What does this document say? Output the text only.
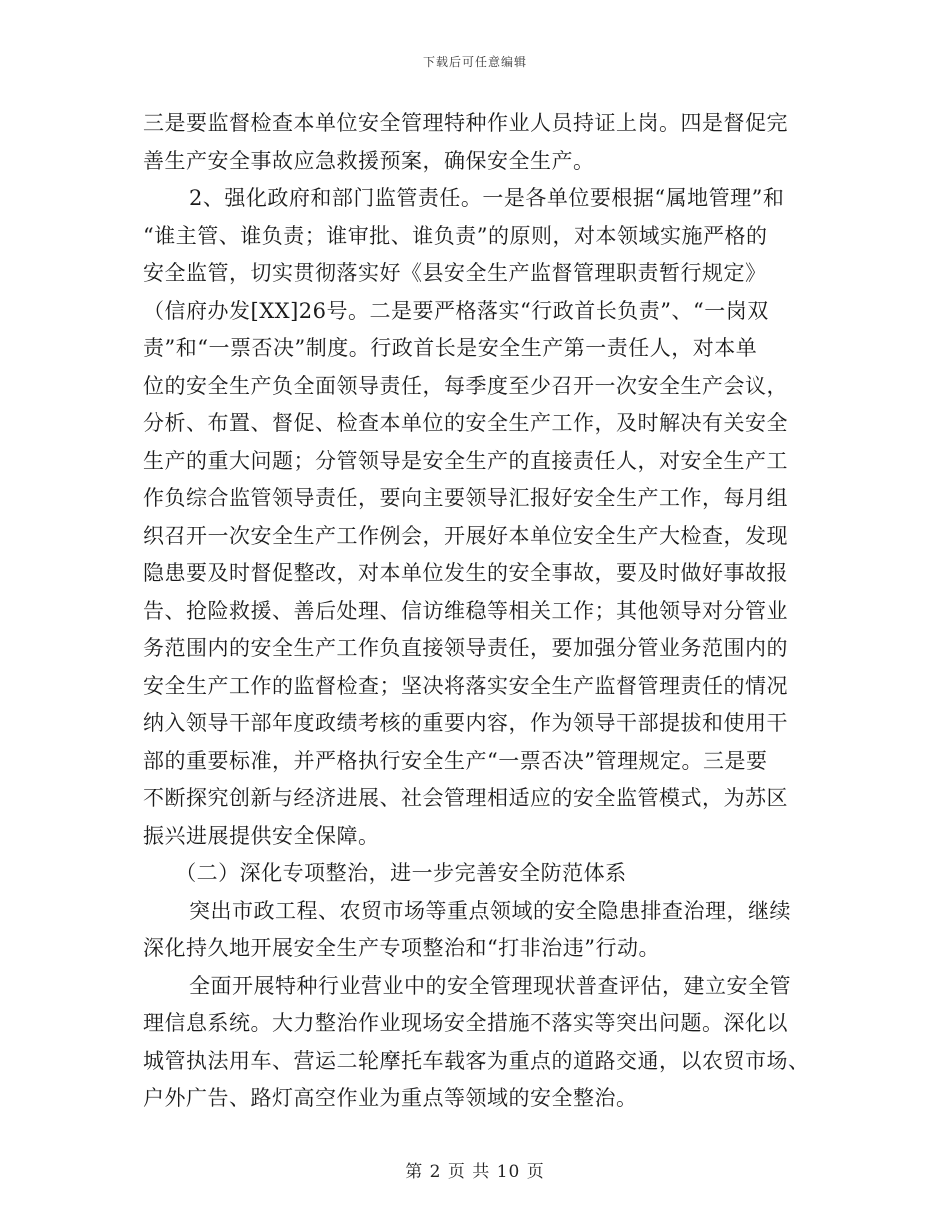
下载后可任意编辑
三是要监督检查本单位安全管理特种作业人员持证上岗。四是督促完
善生产安全事故应急救援预案，确保安全生产。
2、强化政府和部门监管责任。一是各单位要根据“属地管理”和
“谁主管、谁负责；谁审批、谁负责”的原则，对本领域实施严格的
安全监管，切实贯彻落实好《县安全生产监督管理职责暂行规定》
（信府办发[XX]26号。二是要严格落实“行政首长负责”、“一岗双
责”和“一票否决”制度。行政首长是安全生产第一责任人，对本单
位的安全生产负全面领导责任，每季度至少召开一次安全生产会议，
分析、布置、督促、检查本单位的安全生产工作，及时解决有关安全
生产的重大问题；分管领导是安全生产的直接责任人，对安全生产工
作负综合监管领导责任，要向主要领导汇报好安全生产工作，每月组
织召开一次安全生产工作例会，开展好本单位安全生产大检查，发现
隐患要及时督促整改，对本单位发生的安全事故，要及时做好事故报
告、抢险救援、善后处理、信访维稳等相关工作；其他领导对分管业
务范围内的安全生产工作负直接领导责任，要加强分管业务范围内的
安全生产工作的监督检查；坚决将落实安全生产监督管理责任的情况
纳入领导干部年度政绩考核的重要内容，作为领导干部提拔和使用干
部的重要标准，并严格执行安全生产“一票否决”管理规定。三是要
不断探究创新与经济进展、社会管理相适应的安全监管模式，为苏区
振兴进展提供安全保障。
（二）深化专项整治，进一步完善安全防范体系
突出市政工程、农贸市场等重点领域的安全隐患排查治理，继续
深化持久地开展安全生产专项整治和“打非治违”行动。
全面开展特种行业营业中的安全管理现状普查评估，建立安全管
理信息系统。大力整治作业现场安全措施不落实等突出问题。深化以
城管执法用车、营运二轮摩托车载客为重点的道路交通，以农贸市场、
户外广告、路灯高空作业为重点等领域的安全整治。
第 2 页 共 10 页
